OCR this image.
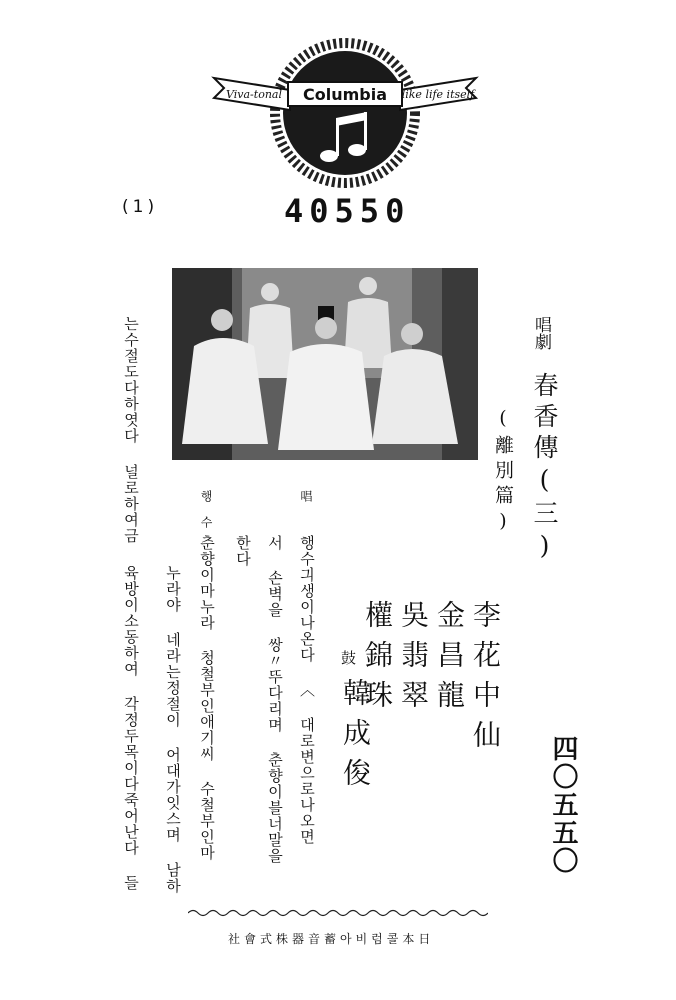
Columbia
Viva-tonal	like life itself
(1)	40550
唱劇
春香傳(三)
(離別篇)
四〇五五〇
李花中仙
金昌龍
吳翡翠
權錦珠
鼓
韓成俊
唱
행수긔생이나온다 〈 대로변으로나오면
서 손벽을 쌍〃뚜다리며 춘향이블너말을
한다
행 수
춘향이마누라 청철부인애기씨 수철부인마
누라야 네라는정절이 어대가잇스며 남하
육방이소동하여 각정두목이다죽어난다 들
널로하여금
는수절도다하엿다
社會式株器音蓄아비럼콜本日
